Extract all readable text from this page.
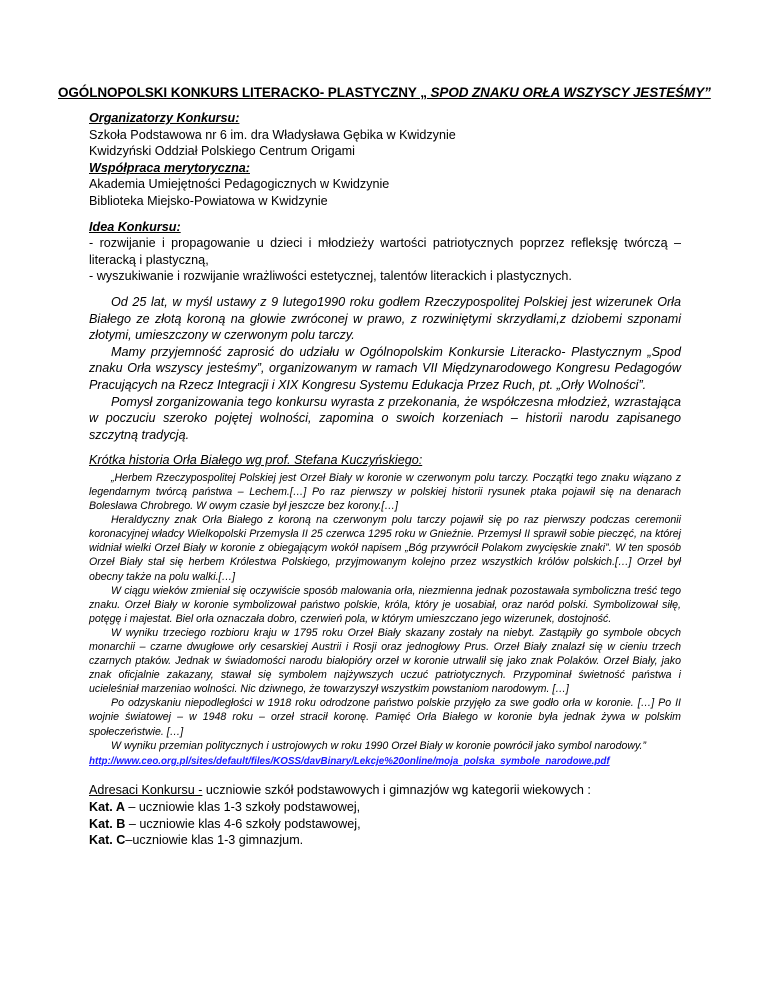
OGÓLNOPOLSKI KONKURS LITERACKO- PLASTYCZNY „ SPOD ZNAKU ORŁA WSZYSCY JESTEŚMY”
Organizatorzy Konkursu:
Szkoła Podstawowa nr 6 im. dra Władysława Gębika w Kwidzynie
Kwidzyński Oddział Polskiego Centrum Origami
Współpraca merytoryczna:
Akademia Umiejętności Pedagogicznych w Kwidzynie
Biblioteka Miejsko-Powiatowa w Kwidzynie
Idea Konkursu:
- rozwijanie i propagowanie u dzieci i młodzieży wartości patriotycznych poprzez refleksję twórczą – literacką i plastyczną,
- wyszukiwanie i rozwijanie wrażliwości estetycznej, talentów literackich i plastycznych.
Od 25 lat, w myśl ustawy z 9 lutego1990 roku godłem Rzeczypospolitej Polskiej jest wizerunek Orła Białego ze złotą koroną na głowie zwróconej w prawo, z rozwiniętymi skrzydłami,z dziobemi szponami złotymi, umieszczony w czerwonym polu tarczy.
Mamy przyjemność zaprosić do udziału w Ogólnopolskim Konkursie Literacko- Plastycznym „Spod znaku Orła wszyscy jesteśmy”, organizowanym w ramach VII Międzynarodowego Kongresu Pedagogów Pracujących na Rzecz Integracji i XIX Kongresu Systemu Edukacja Przez Ruch, pt. „Orły Wolności”.
Pomysł zorganizowania tego konkursu wyrasta z przekonania, że współczesna młodzież, wzrastająca w poczuciu szeroko pojętej wolności, zapomina o swoich korzeniach – historii narodu zapisanego szczytną tradycją.
Krótka historia Orła Białego wg prof. Stefana Kuczyńskiego:

„Herbem Rzeczypospolitej Polskiej jest Orzeł Biały w koronie w czerwonym polu tarczy. Początki tego znaku wiązano z legendarnym twórcą państwa – Lechem.[…] Po raz pierwszy w polskiej historii rysunek ptaka pojawił się na denarach Bolesława Chrobrego. W owym czasie był jeszcze bez korony.[…]

Heraldyczny znak Orła Białego z koroną na czerwonym polu tarczy pojawił się po raz pierwszy podczas ceremonii koronacyjnej władcy Wielkopolski Przemysła II 25 czerwca 1295 roku w Gnieźnie. Przemysł II sprawił sobie pieczęć, na której widniał wielki Orzeł Biały w koronie z obiegającym wokół napisem „Bóg przywrócił Polakom zwycięskie znaki”. W ten sposób Orzeł Biały stał się herbem Królestwa Polskiego, przyjmowanym kolejno przez wszystkich królów polskich.[…] Orzeł był obecny także na polu walki.[…]

W ciągu wieków zmieniał się oczywiście sposób malowania orła, niezmienna jednak pozostawała symboliczna treść tego znaku. Orzeł Biały w koronie symbolizował państwo polskie, króla, który je uosabiał, oraz naród polski. Symbolizował siłę, potęgę i majestat. Biel orła oznaczała dobro, czerwień pola, w którym umieszczano jego wizerunek, dostojność.

W wyniku trzeciego rozbioru kraju w 1795 roku Orzeł Biały skazany zostały na niebyt. Zastąpiły go symbole obcych monarchii – czarne dwugłowe orły cesarskiej Austrii i Rosji oraz jednogłowy Prus. Orzeł Biały znalazł się w cieniu trzech czarnych ptaków. Jednak w świadomości narodu białopióry orzeł w koronie utrwalił się jako znak Polaków. Orzeł Biały, jako znak oficjalnie zakazany, stawał się symbolem najżywszych uczuć patriotycznych. Przypominał świetność państwa i ucieleśniał marzeniao wolności. Nic dziwnego, że towarzyszył wszystkim powstaniom narodowym. […]

Po odzyskaniu niepodległości w 1918 roku odrodzone państwo polskie przyjęło za swe godło orła w koronie. […] Po II wojnie światowej – w 1948 roku – orzeł stracił koronę. Pamięć Orła Białego w koronie była jednak żywa w polskim społeczeństwie. […]

W wyniku przemian politycznych i ustrojowych w roku 1990 Orzeł Biały w koronie powrócił jako symbol narodowy.”

http://www.ceo.org.pl/sites/default/files/KOSS/davBinary/Lekcje%20online/moja_polska_symbole_narodowe.pdf
Adresaci Konkursu - uczniowie szkół podstawowych i gimnazjów wg kategorii wiekowych :
Kat. A – uczniowie klas 1-3 szkoły podstawowej,
Kat. B – uczniowie klas 4-6 szkoły podstawowej,
Kat. C–uczniowie klas 1-3 gimnazjum.
